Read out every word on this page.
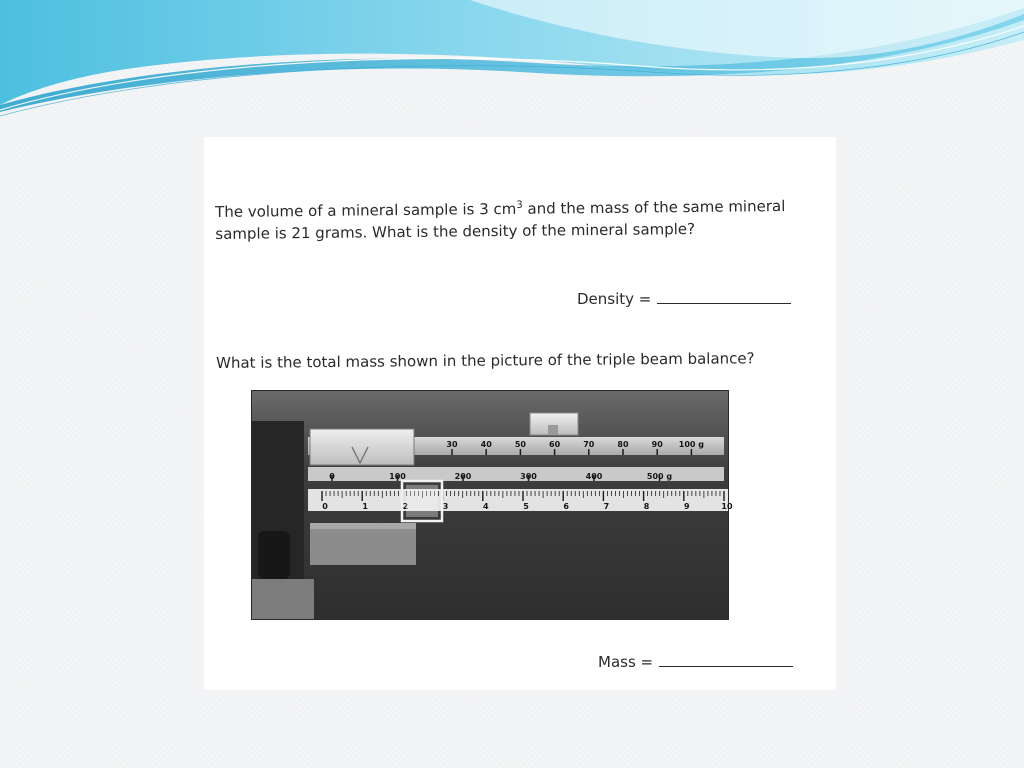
The volume of a mineral sample is 3 $cm^3$ and the mass of the same mineral
sample is 21 grams. What is the density of the mineral sample?

Density =

What is the total mass shown in the picture of the triple beam balance?

30	40	50	60	70	80	90 100 g
0	100	200	300	400	500 g
0	1	2	3	4	5	6	7	8	9	10
Mass =
